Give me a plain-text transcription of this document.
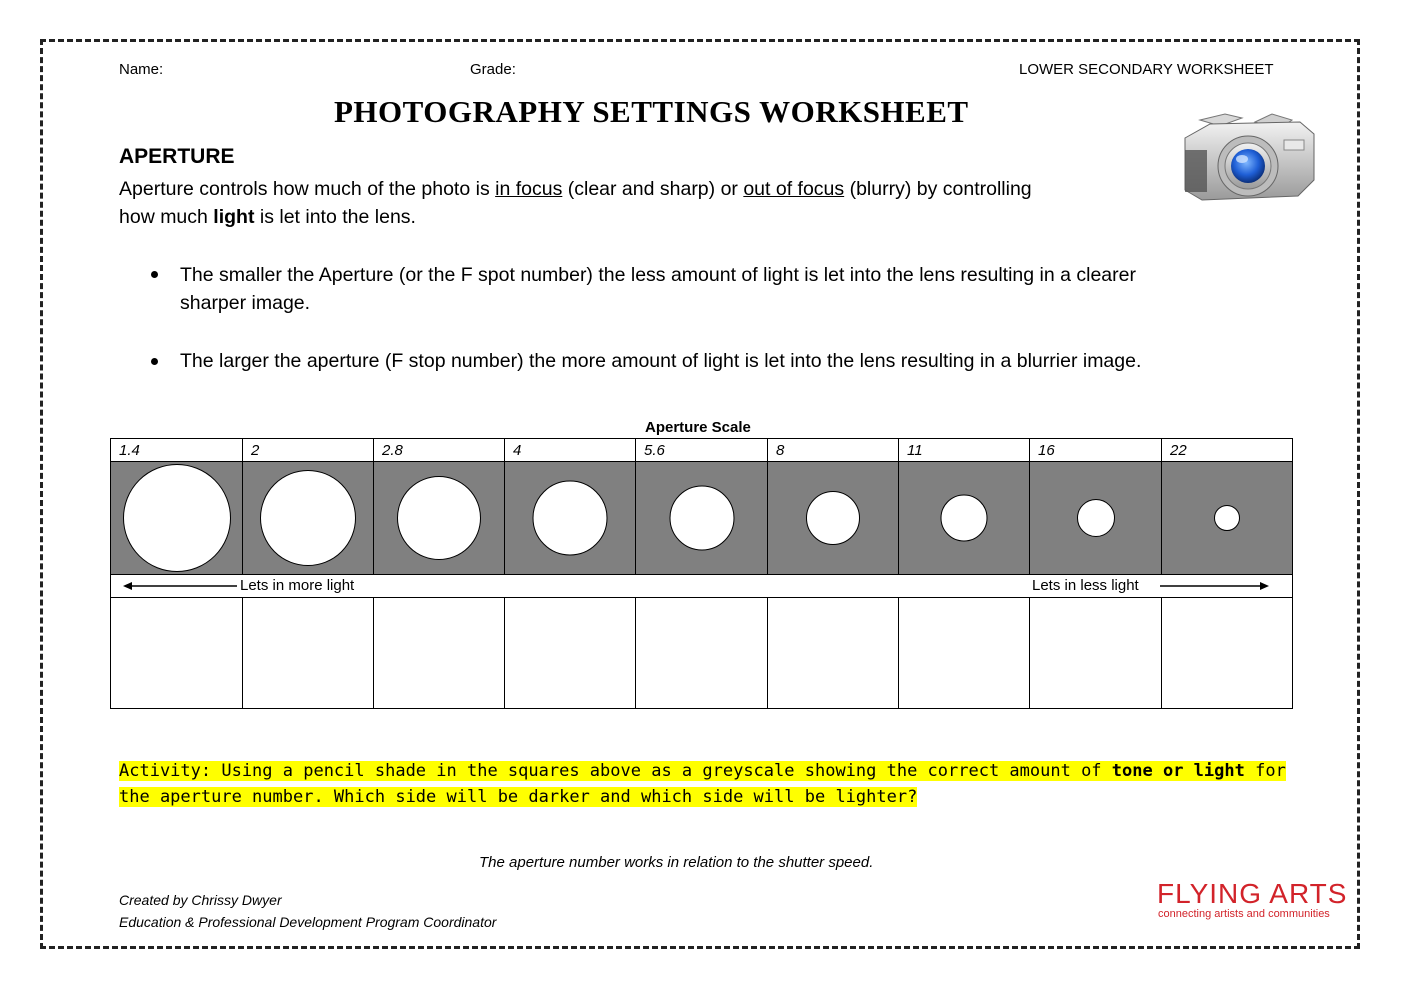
Name:	Grade:	LOWER SECONDARY WORKSHEET
PHOTOGRAPHY SETTINGS WORKSHEET
APERTURE
Aperture controls how much of the photo is in focus (clear and sharp) or out of focus (blurry) by controlling
how much light is let into the lens.
The smaller the Aperture (or the F spot number) the less amount of light is let into the lens resulting in a clearer
sharper image.
The larger the aperture (F stop number) the more amount of light is let into the lens resulting in a blurrier image.
Aperture Scale
1.4	2	2.8	4	5.6	8	11	16	22

Lets in more light Lets in less light								

Activity: Using a pencil shade in the squares above as a greyscale showing the correct amount of tone or light for
the aperture number. Which side will be darker and which side will be lighter?
The aperture number works in relation to the shutter speed.
Created by Chrissy Dwyer
Education & Professional Development Program Coordinator
FLYING ARTS
connecting artists and communities
